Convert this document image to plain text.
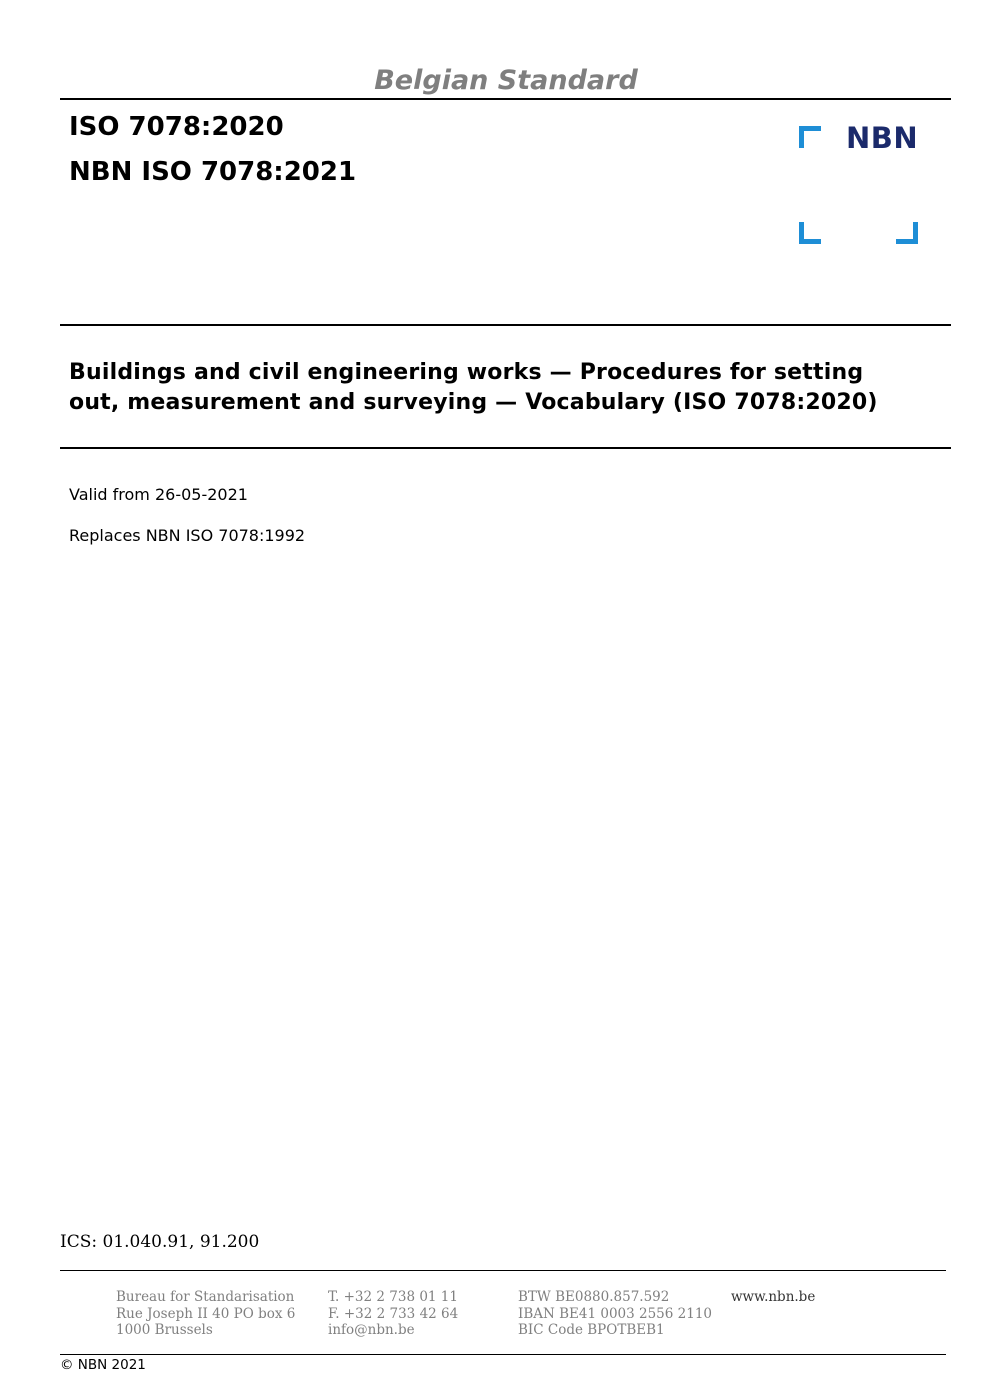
Belgian Standard
ISO 7078:2020
NBN ISO 7078:2021
NBN
Buildings and civil engineering works — Procedures for setting
out, measurement and surveying — Vocabulary (ISO 7078:2020)
Valid from 26-05-2021
Replaces NBN ISO 7078:1992
ICS: 01.040.91, 91.200
Bureau for Standarisation
Rue Joseph II 40 PO box 6
1000 Brussels
T. +32 2 738 01 11
F. +32 2 733 42 64
info@nbn.be
BTW BE0880.857.592
IBAN BE41 0003 2556 2110
BIC Code BPOTBEB1
www.nbn.be
© NBN 2021
